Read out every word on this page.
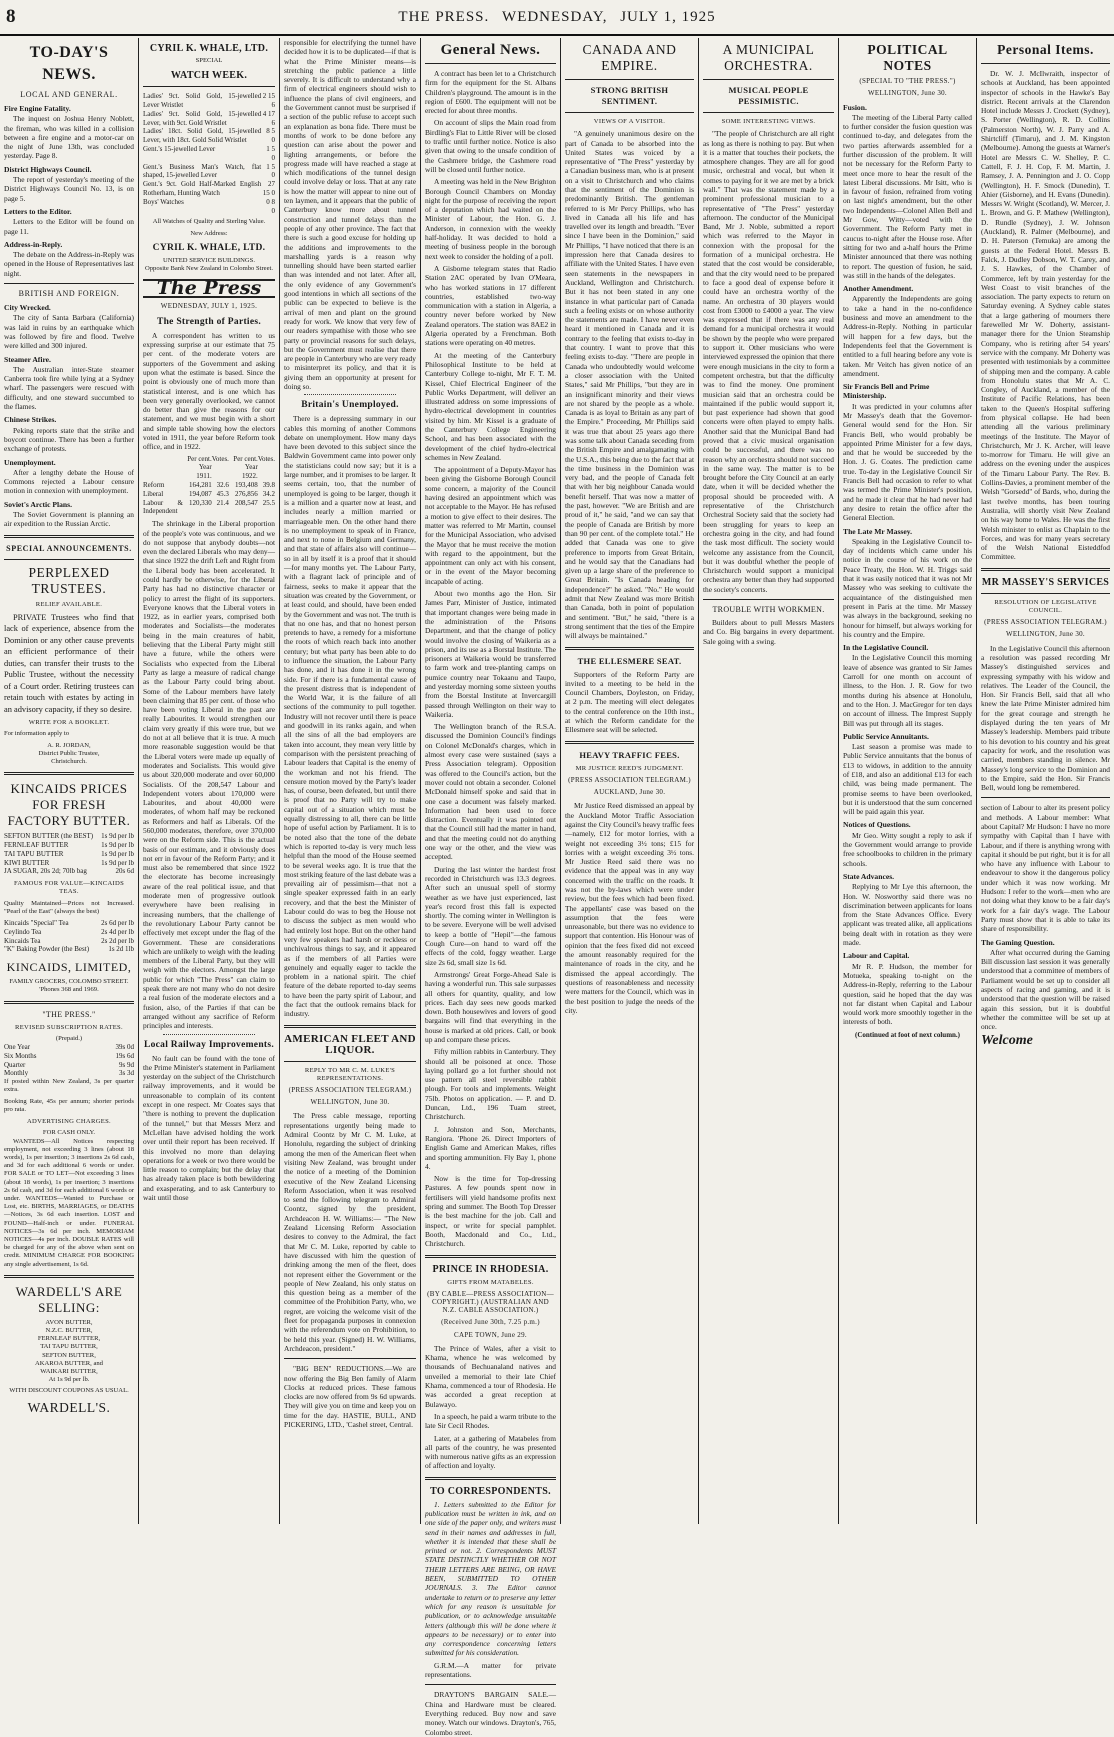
8	THE PRESS. WEDNESDAY, JULY 1, 1925
TO-DAY'S NEWS.
LOCAL AND GENERAL.
Fire Engine Fatality.

The inquest on Joshua Henry Noblett, the fireman, who was killed in a collision between a fire engine and a motor-car on the night of June 13th, was concluded yesterday. Page 8.

District Highways Council.

The report of yesterday's meeting of the District Highways Council No. 13, is on page 5.

Letters to the Editor.

Letters to the Editor will be found on page 11.

Address-in-Reply.

The debate on the Address-in-Reply was opened in the House of Representatives last night.

BRITISH AND FOREIGN.
City Wrecked.

The city of Santa Barbara (California) was laid in ruins by an earthquake which was followed by fire and flood. Twelve were killed and 300 injured.

Steamer Afire.

The Australian inter-State steamer Canberra took fire while lying at a Sydney wharf. The passengers were rescued with difficulty, and one steward succumbed to the flames.

Chinese Strikes.

Peking reports state that the strike and boycott continue. There has been a further exchange of protests.

Unemployment.

After a lengthy debate the House of Commons rejected a Labour censure motion in connexion with unemployment.

Soviet's Arctic Plans.

The Soviet Government is planning an air expedition to the Russian Arctic.

SPECIAL ANNOUNCEMENTS.
PERPLEXED TRUSTEES.
RELIEF AVAILABLE.

PRIVATE Trustees who find that lack of experience, absence from the Dominion or any other cause prevents an efficient performance of their duties, can transfer their trusts to the Public Trustee, without the necessity of a Court order. Retiring trustees can retain touch with estates by acting in an advisory capacity, if they so desire.

WRITE FOR A BOOKLET.

For information apply to

A. R. JORDAN,
District Public Trustee,
Christchurch.
KINCAIDS PRICES FOR FRESH FACTORY BUTTER.
SEFTON BUTTER (the BEST)	1s 9d per lb
FERNLEAF BUTTER	1s 9d per lb
TAI TAPU BUTTER	1s 9d per lb
KIWI BUTTER	1s 9d per lb
JA SUGAR, 20s 2d; 70lb bag	20s 6d
FAMOUS FOR VALUE—KINCAIDS TEAS.

Quality Maintained—Prices not Increased. "Pearl of the East" (always the best)

Kincaids "Special" Tea	2s 6d per lb
Ceylindo Tea	2s 4d per lb
Kincaids Tea	2s 2d per lb
"K" Baking Powder (the Best)	1s 2d 1lb
KINCAIDS, LIMITED,
FAMILY GROCERS, COLOMBO STREET.
'Phones 368 and 1969.
"THE PRESS."
REVISED SUBSCRIPTION RATES.
(Prepaid.)
One Year	39s 0d
Six Months	19s 6d
Quarter	9s 9d
Monthly	3s 3d

If posted within New Zealand, 3s per quarter extra.

Booking Rate, 45s per annum; shorter periods pro rata.

ADVERTISING CHARGES.
FOR CASH ONLY.

WANTEDS—All Notices respecting employment, not exceeding 3 lines (about 18 words), 1s per insertion; 3 insertions 2s 6d cash, and 3d for each additional 6 words or under. FOR SALE or TO LET—Not exceeding 3 lines (about 18 words), 1s per insertion; 3 insertions 2s 6d cash, and 3d for each additional 6 words or under. WANTEDS—Wanted to Purchase or Lost, etc. BIRTHS, MARRIAGES, or DEATHS—Notices, 3s 6d each insertion. LOST and FOUND—Half-inch or under. FUNERAL NOTICES—3s 6d per inch. MEMORIAM NOTICES—4s per inch. DOUBLE RATES will be charged for any of the above when sent on credit. MINIMUM CHARGE FOR BOOKING any single advertisement, 1s 6d.

WARDELL'S ARE SELLING:
AVON BUTTER,
N.Z.C. BUTTER,
FERNLEAF BUTTER,
TAI TAPU BUTTER,
SEFTON BUTTER,
AKAROA BUTTER, and
WAIKARI BUTTER,
At 1s 9d per lb.
WITH DISCOUNT COUPONS AS USUAL.
WARDELL'S.
CYRIL K. WHALE, LTD.
SPECIAL
WATCH WEEK.
Ladies' 9ct. Solid Gold, 15-jewelled Lever Wristlet	2 15 6
Ladies' 9ct. Solid Gold, 15-jewelled Lever, with 9ct. Gold Wristlet	4 17 6
Ladies' 18ct. Solid Gold, 15-jewelled Lever, with 18ct. Gold Solid Wristlet	8 5 0
Gent.'s 15-jewelled Lever	1 5 0
Gent.'s Business Man's Watch, flat shaped, 15-jewelled Lever	1 5 0
Gent.'s 9ct. Gold Half-Marked English Rotherham, Hunting Watch	27 15 0
Boys' Watches	0 8 0
All Watches of Quality and Sterling Value.
New Address:
CYRIL K. WHALE, LTD.
UNITED SERVICE BUILDINGS.
Opposite Bank New Zealand in Colombo Street.
The Press
WEDNESDAY, JULY 1, 1925.
The Strength of Parties.

A correspondent has written to us expressing surprise at our estimate that 75 per cent. of the moderate voters are supporters of the Government and asking upon what the estimate is based. Since the point is obviously one of much more than statistical interest, and is one which has been very generally overlooked, we cannot do better than give the reasons for our statement, and we must begin with a short and simple table showing how the electors voted in 1911, the year before Reform took office, and in 1922.

	Per cent. Year 1911.	Votes.	Per cent. Year 1922.	Votes.
Reform	164,281	32.6	193,408	39.8
Liberal	194,087	45.3	276,856	34.2
Labour & Independent	120,330	21.4	208,547	25.5

The shrinkage in the Liberal proportion of the people's vote was continuous, and we do not suppose that anybody doubts—not even the declared Liberals who may deny—that since 1922 the drift Left and Right from the Liberal body has been accelerated. It could hardly be otherwise, for the Liberal Party has had no distinctive character or policy to arrest the flight of its supporters. Everyone knows that the Liberal voters in 1922, as in earlier years, comprised both moderates and Socialists—the moderates being in the main creatures of habit, believing that the Liberal Party might still have a future, while the others were Socialists who expected from the Liberal Party as large a measure of radical change as the Labour Party could bring about. Some of the Labour members have lately been claiming that 85 per cent. of those who have been voting Liberal in the past are really Labourites. It would strengthen our claim very greatly if this were true, but we do not at all believe that it is true. A much more reasonable suggestion would be that the Liberal voters were made up equally of moderates and Socialists. This would give us about 320,000 moderate and over 60,000 Socialists. Of the 208,547 Labour and Independent voters about 170,000 were Labourites, and about 40,000 were moderates, of whom half may be reckoned as Reformers and half as Liberals. Of the 560,000 moderates, therefore, over 370,000 were on the Reform side. This is the actual basis of our estimate, and it obviously does not err in favour of the Reform Party; and it must also be remembered that since 1922 the electorate has become increasingly aware of the real political issue, and that moderate men of progressive outlook everywhere have been realising in increasing numbers, that the challenge of the revolutionary Labour Party cannot be effectively met except under the flag of the Government. These are considerations which are unlikely to weigh with the leading members of the Liberal Party, but they will weigh with the electors. Amongst the large public for which "The Press" can claim to speak there are not many who do not desire a real fusion of the moderate electors and a fusion, also, of the Parties if that can be arranged without any sacrifice of Reform principles and interests.

Local Railway Improvements.

No fault can be found with the tone of the Prime Minister's statement in Parliament yesterday on the subject of the Christchurch railway improvements, and it would be unreasonable to complain of its content except in one respect. Mr Coates says that "there is nothing to prevent the duplication of the tunnel," but that Messrs Merz and McLellan have advised holding the work over until their report has been received. If this involved no more than delaying operations for a week or two there would be little reason to complain; but the delay that has already taken place is both bewildering and exasperating, and to ask Canterbury to wait until those

responsible for electrifying the tunnel have decided how it is to be duplicated—if that is what the Prime Minister means—is stretching the public patience a little severely. It is difficult to understand why a firm of electrical engineers should wish to influence the plans of civil engineers, and the Government cannot must be surprised if a section of the public refuse to accept such an explanation as bona fide. There must be months of work to be done before any question can arise about the power and lighting arrangements, or before the progress made will have reached a stage at which modifications of the tunnel design could involve delay or loss. That at any rate is how the matter will appear to nine out of ten laymen, and it appears that the public of Canterbury know more about tunnel construction and tunnel delays than the people of any other province. The fact that there is such a good excuse for holding up the additions and improvements to the marshalling yards is a reason why tunnelling should have been started earlier than was intended and not later. After all, the only evidence of any Government's good intentions in which all sections of the public can be expected to believe is the arrival of men and plant on the ground ready for work. We know that very few of our readers sympathise with those who see party or provincial reasons for such delays, but the Government must realise that there are people in Canterbury who are very ready to misinterpret its policy, and that it is giving them an opportunity at present for doing so.

Britain's Unemployed.

There is a depressing summary in our cables this morning of another Commons debate on unemployment. How many days have been devoted to this subject since the Baldwin Government came into power only the statisticians could now say; but it is a large number, and it promises to be larger. It seems certain, too, that the number of unemployed is going to be larger, though it is a million and a quarter now at least, and includes nearly a million married or marriageable men. On the other hand there is no unemployment to speak of in France, and next to none in Belgium and Germany, and that state of affairs also will continue—so in all by itself it is a proof that it should—for many months yet. The Labour Party, with a flagrant lack of principle and of fairness, seeks to make it appear that the situation was created by the Government, or at least could, and should, have been ended by the Government and was not. The truth is that no one has, and that no honest person pretends to have, a remedy for a misfortune the roots of which reach back into another century; but what party has been able to do to influence the situation, the Labour Party has done, and it has done it in the wrong side. For if there is a fundamental cause of the present distress that is independent of the World War, it is the failure of all sections of the community to pull together. Industry will not recover until there is peace and goodwill in its ranks again, and when all the sins of all the bad employers are taken into account, they mean very little by comparison with the persistent preaching of Labour leaders that Capital is the enemy of the workman and not his friend. The censure motion moved by the Party's leader has, of course, been defeated, but until there is proof that no Party will try to make capital out of a situation which must be equally distressing to all, there can be little hope of useful action by Parliament. It is to be noted also that the tone of the debate which is reported to-day is very much less helpful than the mood of the House seemed to be several weeks ago. It is true that the most striking feature of the last debate was a prevailing air of pessimism—that not a single speaker expressed faith in an early recovery, and that the best the Minister of Labour could do was to beg the House not to discuss the subject as men would who had entirely lost hope. But on the other hand very few speakers had harsh or reckless or unchivalrous things to say, and it appeared as if the members of all Parties were genuinely and equally eager to tackle the problem in a national spirit. The chief feature of the debate reported to-day seems to have been the party spirit of Labour, and the fact that the outlook remains black for industry.

AMERICAN FLEET AND LIQUOR.
REPLY TO MR C. M. LUKE'S REPRESENTATIONS.
(PRESS ASSOCIATION TELEGRAM.)
WELLINGTON, June 30.

The Press cable message, reporting representations urgently being made to Admiral Coontz by Mr C. M. Luke, at Honolulu, regarding the subject of drinking among the men of the American fleet when visiting New Zealand, was brought under the notice of a meeting of the Dominion executive of the New Zealand Licensing Reform Association, when it was resolved to send the following telegram to Admiral Coontz, signed by the president, Archdeacon H. W. Williams:— "The New Zealand Licensing Reform Association desires to convey to the Admiral, the fact that Mr C. M. Luke, reported by cable to have discussed with him the question of drinking among the men of the fleet, does not represent either the Government or the people of New Zealand, his only status on this question being as a member of the committee of the Prohibition Party, who, we regret, are voicing the welcome visit of the fleet for propaganda purposes in connexion with the referendum vote on Prohibition, to be held this year. (Signed) H. W. Williams, Archdeacon, president."

"BIG BEN" REDUCTIONS.—We are now offering the Big Ben family of Alarm Clocks at reduced prices. These famous clocks are now offered from 9s 6d upwards. They will give you on time and keep you on time for the day. HASTIE, BULL, AND PICKERING, LTD., 'Cashel street, Central.

General News.

A contract has been let to a Christchurch firm for the equipment for the St. Albans Children's playground. The amount is in the region of £600. The equipment will not be erected for about three months.

On account of slips the Main road from Birdling's Flat to Little River will be closed to traffic until further notice. Notice is also given that owing to the unsafe condition of the Cashmere bridge, the Cashmere road will be closed until further notice.

A meeting was held in the New Brighton Borough Council Chambers on Monday night for the purpose of receiving the report of a deputation which had waited on the Minister of Labour, the Hon. G. J. Anderson, in connexion with the weekly half-holiday. It was decided to hold a meeting of business people in the borough next week to consider the holding of a poll.

A Gisborne telegram states that Radio Station 2AC operated by Ivan O'Meara, who has worked stations in 17 different countries, established two-way communication with a station in Algeria, a country never before worked by New Zealand operators. The station was 8AE2 in Algeria operated by a Frenchman. Both stations were operating on 40 metres.

At the meeting of the Canterbury Philosophical Institute to be held at Canterbury College to-night, Mr F. T. M. Kissel, Chief Electrical Engineer of the Public Works Department, will deliver an illustrated address on some impressions of hydro-electrical development in countries visited by him. Mr Kissel is a graduate of the Canterbury College Engineering School, and has been associated with the development of the chief hydro-electrical schemes in New Zealand.

The appointment of a Deputy-Mayor has been giving the Gisborne Borough Council some concern, a majority of the Council having desired an appointment which was not acceptable to the Mayor. He has refused a motion to give effect to their desires. The matter was referred to Mr Martin, counsel for the Municipal Association, who advised the Mayor that he must receive the motion with regard to the appointment, but the appointment can only act with his consent, or in the event of the Mayor becoming incapable of acting.

About two months ago the Hon. Sir James Parr, Minister of Justice, intimated that important changes were being made in the administration of the Prisons Department, and that the change of policy would involve the closing of Waikeria as a prison, and its use as a Borstal Institute. The prisoners at Waikeria would be transferred to farm work and tree-planting camps on pumice country near Tokaanu and Taupo, and yesterday morning some sixteen youths from the Borstal Institute at Invercargill passed through Wellington on their way to Waikeria.

The Wellington branch of the R.S.A. discussed the Dominion Council's findings on Colonel McDonald's charges, which in almost every case were sustained (says a Press Association telegram). Opposition was offered to the Council's action, but the mover could not obtain a seconder. Colonel McDonald himself spoke and said that in one case a document was falsely marked. Information had been used to force distraction. Eventually it was pointed out that the Council still had the matter in hand, and that the meeting could not do anything one way or the other, and the view was accepted.

During the last winter the hardest frost recorded in Christchurch was 13.3 degrees. After such an unusual spell of stormy weather as we have just experienced, last year's record frost this fall is expected shortly. The coming winter in Wellington is to be severe. Everyone will be well advised to keep a bottle of "Hepil"—the famous Cough Cure—on hand to ward off the effects of the cold, foggy weather. Large size 2s 6d, small size 1s 6d.

Armstrongs' Great Forge-Ahead Sale is having a wonderful run. This sale surpasses all others for quantity, quality, and low prices. Each day sees new goods marked down. Both housewives and lovers of good bargains will find that everything in the house is marked at old prices. Call, or book up and compare these prices.

Fifty million rabbits in Canterbury. They should all be poisoned at once. Those laying pollard go a lot further should not use pattern all steel reversible rabbit plough. For tools and implements. Weight 75lb. Photos on application. — P. and D. Duncan, Ltd., 196 Tuam street, Christchurch.

J. Johnston and Son, Merchants, Rangiora. 'Phone 26. Direct Importers of English Game and American Makes, rifles and sporting ammunition. Fly Bay 1, phone 4.

Now is the time for Top-dressing Pastures. A few pounds spent now in fertilisers will yield handsome profits next spring and summer. The Booth Top Dresser is the best machine for the job. Call and inspect, or write for special pamphlet. Booth, Macdonald and Co., Ltd., Christchurch.

PRINCE IN RHODESIA.
GIFTS FROM MATABELES.
(BY CABLE—PRESS ASSOCIATION—COPYRIGHT.) (AUSTRALIAN AND N.Z. CABLE ASSOCIATION.)
(Received June 30th, 7.25 p.m.)
CAPE TOWN, June 29.

The Prince of Wales, after a visit to Khama, whence he was welcomed by thousands of Bechuanaland natives and unveiled a memorial to their late Chief Khama, commenced a tour of Rhodesia. He was accorded a great reception at Bulawayo.

In a speech, he paid a warm tribute to the late Sir Cecil Rhodes.

Later, at a gathering of Matabeles from all parts of the country, he was presented with numerous native gifts as an expression of affection and loyalty.

TO CORRESPONDENTS.

1. Letters submitted to the Editor for publication must be written in ink, and on one side of the paper only, and writers must send in their names and addresses in full, whether it is intended that these shall be printed or not. 2. Correspondents MUST STATE DISTINCTLY WHETHER OR NOT THEIR LETTERS ARE BEING, OR HAVE BEEN, SUBMITTED TO OTHER JOURNALS. 3. The Editor cannot undertake to return or to preserve any letter which for any reason is unsuitable for publication, or to acknowledge unsuitable letters (although this will be done where it appears to be necessary) or to enter into any correspondence concerning letters submitted for his consideration.

G.R.M.—A matter for private representations.

DRAYTON'S BARGAIN SALE.—China and Hardware must be cleared. Everything reduced. Buy now and save money. Watch our windows. Drayton's, 765, Colombo street.

CANADA AND EMPIRE.
STRONG BRITISH SENTIMENT.
VIEWS OF A VISITOR.

"A genuinely unanimous desire on the part of Canada to be absorbed into the United States was voiced by a representative of "The Press" yesterday by a Canadian business man, who is at present on a visit to Christchurch and who claims that the sentiment of the Dominion is predominantly British. The gentleman referred to is Mr Percy Phillips, who has lived in Canada all his life and has travelled over its length and breadth. "Ever since I have been in the Dominion," said Mr Phillips, "I have noticed that there is an impression here that Canada desires to affiliate with the United States. I have even seen statements in the newspapers in Auckland, Wellington and Christchurch. But it has not been stated in any one instance in what particular part of Canada such a feeling exists or on whose authority the statements are made. I have never even heard it mentioned in Canada and it is contrary to the feeling that exists to-day in that country. I want to prove that this feeling exists to-day. "There are people in Canada who undoubtedly would welcome a closer association with the United States," said Mr Phillips, "but they are in an insignificant minority and their views are not shared by the people as a whole. Canada is as loyal to Britain as any part of the Empire." Proceeding, Mr Phillips said it was true that about 25 years ago there was some talk about Canada seceding from the British Empire and amalgamating with the U.S.A., this being due to the fact that at the time business in the Dominion was very bad, and the people of Canada felt that with her big neighbour Canada would benefit herself. That was now a matter of the past, however. "We are British and are proud of it," he said, "and we can say that the people of Canada are British by more than 90 per cent. of the complete total." He added that Canada was one to give preference to imports from Great Britain, and he would say that the Canadians had given up a large share of the preference to Great Britain. "Is Canada heading for independence?" he asked. "No." He would admit that New Zealand was more British than Canada, both in point of population and sentiment. "But," he said, "there is a strong sentiment that the ties of the Empire will always be maintained."

THE ELLESMERE SEAT.

Supporters of the Reform Party are invited to a meeting to be held in the Council Chambers, Doyleston, on Friday, at 2 p.m. The meeting will elect delegates to the central conference on the 10th inst., at which the Reform candidate for the Ellesmere seat will be selected.

HEAVY TRAFFIC FEES.
MR JUSTICE REED'S JUDGMENT.
(PRESS ASSOCIATION TELEGRAM.)
AUCKLAND, June 30.

Mr Justice Reed dismissed an appeal by the Auckland Motor Traffic Association against the City Council's heavy traffic fees—namely, £12 for motor lorries, with a weight not exceeding 3½ tons; £15 for lorries with a weight exceeding 3½ tons. Mr Justice Reed said there was no evidence that the appeal was in any way concerned with the traffic on the roads. It was not the by-laws which were under review, but the fees which had been fixed. The appellants' case was based on the assumption that the fees were unreasonable, but there was no evidence to support that contention. His Honour was of opinion that the fees fixed did not exceed the amount reasonably required for the maintenance of roads in the city, and he dismissed the appeal accordingly. The questions of reasonableness and necessity were matters for the Council, which was in the best position to judge the needs of the city.

A MUNICIPAL ORCHESTRA.
MUSICAL PEOPLE PESSIMISTIC.
SOME INTERESTING VIEWS.

"The people of Christchurch are all right as long as there is nothing to pay. But when it is a matter that touches their pockets, the atmosphere changes. They are all for good music, orchestral and vocal, but when it comes to paying for it we are met by a brick wall." That was the statement made by a prominent professional musician to a representative of "The Press" yesterday afternoon. The conductor of the Municipal Band, Mr J. Noble, submitted a report which was referred to the Mayor in connexion with the proposal for the formation of a municipal orchestra. He stated that the cost would be considerable, and that the city would need to be prepared to face a good deal of expense before it could have an orchestra worthy of the name. An orchestra of 30 players would cost from £3000 to £4000 a year. The view was expressed that if there was any real demand for a municipal orchestra it would be shown by the people who were prepared to support it. Other musicians who were interviewed expressed the opinion that there were enough musicians in the city to form a competent orchestra, but that the difficulty was to find the money. One prominent musician said that an orchestra could be maintained if the public would support it, but past experience had shown that good concerts were often played to empty halls. Another said that the Municipal Band had proved that a civic musical organisation could be successful, and there was no reason why an orchestra should not succeed in the same way. The matter is to be brought before the City Council at an early date, when it will be decided whether the proposal should be proceeded with. A representative of the Christchurch Orchestral Society said that the society had been struggling for years to keep an orchestra going in the city, and had found the task most difficult. The society would welcome any assistance from the Council, but it was doubtful whether the people of Christchurch would support a municipal orchestra any better than they had supported the society's concerts.

TROUBLE WITH WORKMEN.

Builders about to pull Messrs Masters and Co. Big bargains in every department. Sale going with a swing.

POLITICAL NOTES
(SPECIAL TO "THE PRESS.")
WELLINGTON, June 30.
Fusion.

The meeting of the Liberal Party called to further consider the fusion question was continued to-day, and delegates from the two parties afterwards assembled for a further discussion of the problem. It will not be necessary for the Reform Party to meet once more to hear the result of the latest Liberal discussions. Mr Isitt, who is in favour of fusion, refrained from voting on last night's amendment, but the other two Independents—Colonel Allen Bell and Mr Gow, Witty—voted with the Government. The Reform Party met in caucus to-night after the House rose. After sitting for two and a-half hours the Prime Minister announced that there was nothing to report. The question of fusion, he said, was still in the hands of the delegates.

Another Amendment.

Apparently the Independents are going to take a hand in the no-confidence business and move an amendment to the Address-in-Reply. Nothing in particular will happen for a few days, but the Independents feel that the Government is entitled to a full hearing before any vote is taken. Mr Veitch has given notice of an amendment.

Sir Francis Bell and Prime Ministership.

It was predicted in your columns after Mr Massey's death that the Governor-General would send for the Hon. Sir Francis Bell, who would probably be appointed Prime Minister for a few days, and that he would be succeeded by the Hon. J. G. Coates. The prediction came true. To-day in the Legislative Council Sir Francis Bell had occasion to refer to what was termed the Prime Minister's position, and he made it clear that he had never had any desire to retain the office after the General Election.

The Late Mr Massey.

Speaking in the Legislative Council to-day of incidents which came under his notice in the course of his work on the Peace Treaty, the Hon. W. H. Triggs said that it was easily noticed that it was not Mr Massey who was seeking to cultivate the acquaintance of the distinguished men present in Paris at the time. Mr Massey was always in the background, seeking no honour for himself, but always working for his country and the Empire.

In the Legislative Council.

In the Legislative Council this morning leave of absence was granted to Sir James Carroll for one month on account of illness, to the Hon. J. R. Gow for two months during his absence at Honolulu, and to the Hon. J. MacGregor for ten days on account of illness. The Imprest Supply Bill was put through all its stages.

Public Service Annuitants.

Last season a promise was made to Public Service annuitants that the bonus of £13 to widows, in addition to the annuity of £18, and also an additional £13 for each child, was being made permanent. The promise seems to have been overlooked, but it is understood that the sum concerned will be paid again this year.

Notices of Questions.

Mr Geo. Witty sought a reply to ask if the Government would arrange to provide free schoolbooks to children in the primary schools.

State Advances.

Replying to Mr Lye this afternoon, the Hon. W. Nosworthy said there was no discrimination between applicants for loans from the State Advances Office. Every applicant was treated alike, all applications being dealt with in rotation as they were made.

Labour and Capital.

Mr R. P. Hudson, the member for Motueka, speaking to-night on the Address-in-Reply, referring to the Labour question, said he hoped that the day was not far distant when Capital and Labour would work more smoothly together in the interests of both.

(Continued at foot of next column.)
Personal Items.

Dr. W. J. McIlwraith, inspector of schools at Auckland, has been appointed inspector of schools in the Hawke's Bay district. Recent arrivals at the Clarendon Hotel include Messrs J. Crockett (Sydney), S. Porter (Wellington), R. D. Collins (Palmerston North), W. J. Parry and A. Shirtcliff (Timaru), and J. M. Kingston (Melbourne). Among the guests at Warner's Hotel are Messrs C. W. Shelley, P. C. Cattell, F. J. H. Cop, F. M. Martin, J. Ramsey, J. A. Pennington and J. O. Copp (Wellington), H. F. Smock (Dunedin), T. Ahier (Gisborne), and H. Evans (Dunedin). Messrs W. Wright (Scotland), W. Mercer, J. L. Brown, and G. P. Mathew (Wellington), D. Rundle (Sydney), J. W. Johnson (Auckland), R. Palmer (Melbourne), and D. H. Paterson (Temuka) are among the guests at the Federal Hotel. Messrs B. Falck, J. Dudley Dobson, W. T. Carey, and J. S. Hawkes, of the Chamber of Commerce, left by train yesterday for the West Coast to visit branches of the association. The party expects to return on Saturday evening. A Sydney cable states that a large gathering of mourners there farewelled Mr W. Doherty, assistant-manager there for the Union Steamship Company, who is retiring after 54 years' service with the company. Mr Doherty was presented with testimonials by a committee of shipping men and the company. A cable from Honolulu states that Mr A. C. Congley, of Auckland, a member of the Institute of Pacific Relations, has been taken to the Queen's Hospital suffering from physical collapse. He had been attending all the various preliminary meetings of the Institute. The Mayor of Christchurch, Mr J. K. Archer, will leave to-morrow for Timaru. He will give an address on the evening under the auspices of the Timaru Labour Party. The Rev. B. Collins-Davies, a prominent member of the Welsh "Gorsedd" of Bards, who, during the last twelve months, has been touring Australia, will shortly visit New Zealand on his way home to Wales. He was the first Welsh minister to enlist as Chaplain to the Forces, and was for many years secretary of the Welsh National Eisteddfod Committee.

MR MASSEY'S SERVICES
RESOLUTION OF LEGISLATIVE COUNCIL.
(PRESS ASSOCIATION TELEGRAM.)
WELLINGTON, June 30.

In the Legislative Council this afternoon a resolution was passed recording Mr Massey's distinguished services and expressing sympathy with his widow and relatives. The Leader of the Council, the Hon. Sir Francis Bell, said that all who knew the late Prime Minister admired him for the great courage and strength he displayed during the ten years of Mr Massey's leadership. Members paid tribute to his devotion to his country and his great capacity for work, and the resolution was carried, members standing in silence. Mr Massey's long service to the Dominion and to the Empire, said the Hon. Sir Francis Bell, would long be remembered.

section of Labour to alter its present policy and methods. A Labour member: What about Capital? Mr Hudson: I have no more sympathy with Capital than I have with Labour, and if there is anything wrong with capital it should be put right, but it is for all who have any influence with Labour to endeavour to show it the dangerous policy under which it was now working. Mr Hudson: I refer to the work—men who are not doing what they know to be a fair day's work for a fair day's wage. The Labour Party must show that it is able to take its share of responsibility.

The Gaming Question.

After what occurred during the Gaming Bill discussion last session it was generally understood that a committee of members of Parliament would be set up to consider all aspects of racing and gaming, and it is understood that the question will be raised again this session, but it is doubtful whether the committee will be set up at once.

Welcome
